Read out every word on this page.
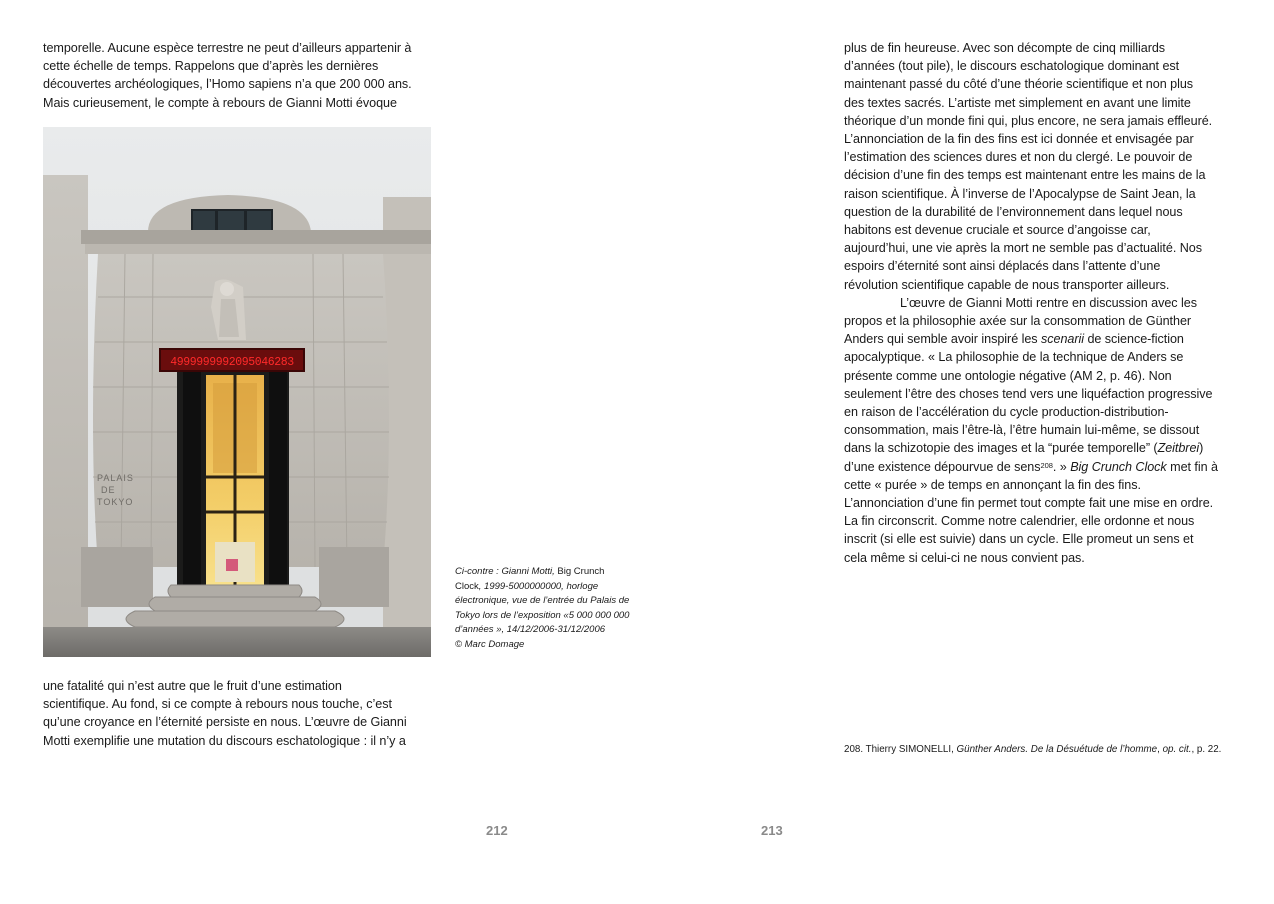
temporelle. Aucune espèce terrestre ne peut d’ailleurs appartenir à
cette échelle de temps. Rappelons que d’après les dernières
découvertes archéologiques, l’Homo sapiens n’a que 200 000 ans.
Mais curieusement, le compte à rebours de Gianni Motti évoque
4999999992095046283
PALAIS
DE
TOKYO

Ci-contre : Gianni Motti, Big Crunch Clock, 1999-5000000000, horloge électronique, vue de l’entrée du Palais de Tokyo lors de l’exposition «5 000 000 000 d’années », 14/12/2006-31/12/2006
© Marc Domage

une fatalité qui n’est autre que le fruit d’une estimation
scientifique. Au fond, si ce compte à rebours nous touche, c’est
qu’une croyance en l’éternité persiste en nous. L’œuvre de Gianni
Motti exemplifie une mutation du discours eschatologique : il n’y a
plus de fin heureuse. Avec son décompte de cinq milliards
d’années (tout pile), le discours eschatologique dominant est
maintenant passé du côté d’une théorie scientifique et non plus
des textes sacrés. L’artiste met simplement en avant une limite
théorique d’un monde fini qui, plus encore, ne sera jamais effleuré.
L’annonciation de la fin des fins est ici donnée et envisagée par
l’estimation des sciences dures et non du clergé. Le pouvoir de
décision d’une fin des temps est maintenant entre les mains de la
raison scientifique. À l’inverse de l’Apocalypse de Saint Jean, la
question de la durabilité de l’environnement dans lequel nous
habitons est devenue cruciale et source d’angoisse car,
aujourd’hui, une vie après la mort ne semble pas d’actualité. Nos
espoirs d’éternité sont ainsi déplacés dans l’attente d’une
révolution scientifique capable de nous transporter ailleurs.
L’œuvre de Gianni Motti rentre en discussion avec les
propos et la philosophie axée sur la consommation de Günther
Anders qui semble avoir inspiré les scenarii de science-fiction
apocalyptique. « La philosophie de la technique de Anders se
présente comme une ontologie négative (AM 2, p. 46). Non
seulement l’être des choses tend vers une liquéfaction progressive
en raison de l’accélération du cycle production-distribution-
consommation, mais l’être-là, l’être humain lui-même, se dissout
dans la schizotopie des images et la “purée temporelle” (Zeitbrei)
d’une existence dépourvue de sens$^{208}$. » Big Crunch Clock met fin à
cette « purée » de temps en annonçant la fin des fins.
L’annonciation d’une fin permet tout compte fait une mise en ordre.
La fin circonscrit. Comme notre calendrier, elle ordonne et nous
inscrit (si elle est suivie) dans un cycle. Elle promeut un sens et
cela même si celui-ci ne nous convient pas.

208. Thierry SIMONELLI, Günther Anders. De la Désuétude de l’homme, op. cit., p. 22.

212	213
